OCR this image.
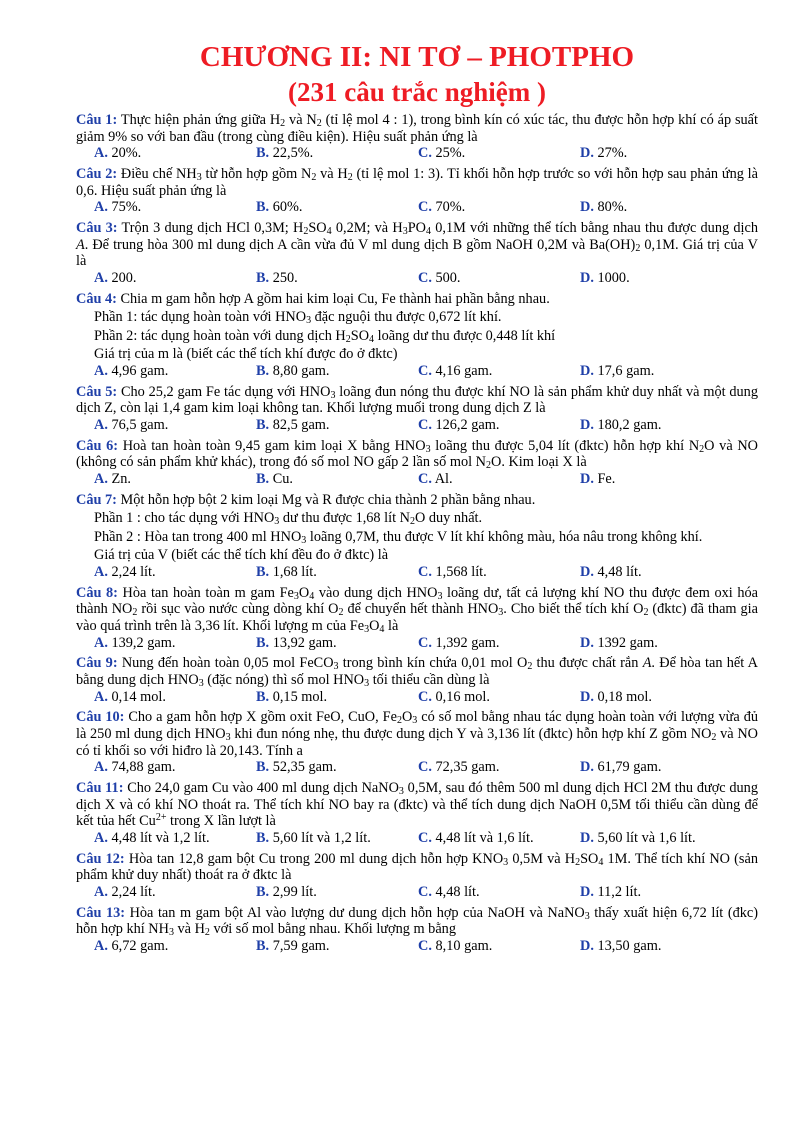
CHƯƠNG II: NI TƠ – PHOTPHO
(231 câu trắc nghiệm )
Câu 1: Thực hiện phản ứng giữa $H_2$ và $N_2$ (tỉ lệ mol 4 : 1), trong bình kín có xúc tác, thu được hỗn hợp khí có áp suất giảm 9% so với ban đầu (trong cùng điều kiện). Hiệu suất phản ứng là
A. 20%.	B. 22,5%.	C. 25%.	D. 27%.
Câu 2: Điều chế $NH_3$ từ hỗn hợp gồm $N_2$ và $H_2$ (tỉ lệ mol 1: 3). Tỉ khối hỗn hợp trước so với hỗn hợp sau phản ứng là 0,6. Hiệu suất phản ứng là
A. 75%.	B. 60%.	C. 70%.	D. 80%.
Câu 3: Trộn 3 dung dịch HCl 0,3M; $H_2SO_4$ 0,2M; và $H_3PO_4$ 0,1M với những thể tích bằng nhau thu được dung dịch A. Để trung hòa 300 ml dung dịch A cần vừa đủ V ml dung dịch B gồm NaOH 0,2M và $Ba(OH)_2$ 0,1M. Giá trị của V là
A. 200.	B. 250.	C. 500.	D. 1000.
Câu 4: Chia m gam hỗn hợp A gồm hai kim loại Cu, Fe thành hai phần bằng nhau.
Phần 1: tác dụng hoàn toàn với $HNO_3$ đặc nguội thu được 0,672 lít khí.
Phần 2: tác dụng hoàn toàn với dung dịch $H_2SO_4$ loãng dư thu được 0,448 lít khí
Giá trị của m là (biết các thể tích khí được đo ở đktc)
A. 4,96 gam.	B. 8,80 gam.	C. 4,16 gam.	D. 17,6 gam.
Câu 5: Cho 25,2 gam Fe tác dụng với $HNO_3$ loãng đun nóng thu được khí NO là sản phẩm khử duy nhất và một dung dịch Z, còn lại 1,4 gam kim loại không tan. Khối lượng muối trong dung dịch Z là
A. 76,5 gam.	B. 82,5 gam.	C. 126,2 gam.	D. 180,2 gam.
Câu 6: Hoà tan hoàn toàn 9,45 gam kim loại X bằng $HNO_3$ loãng thu được 5,04 lít (đktc) hỗn hợp khí $N_2O$ và NO (không có sản phẩm khử khác), trong đó số mol NO gấp 2 lần số mol $N_2O$. Kim loại X là
A. Zn.	B. Cu.	C. Al.	D. Fe.
Câu 7: Một hỗn hợp bột 2 kim loại Mg và R được chia thành 2 phần bằng nhau.
Phần 1 : cho tác dụng với $HNO_3$ dư thu được 1,68 lít $N_2O$ duy nhất.
Phần 2 : Hòa tan trong 400 ml $HNO_3$ loãng 0,7M, thu được V lít khí không màu, hóa nâu trong không khí.
Giá trị của V (biết các thể tích khí đều đo ở đktc) là
A. 2,24 lít.	B. 1,68 lít.	C. 1,568 lít.	D. 4,48 lít.
Câu 8: Hòa tan hoàn toàn m gam $Fe_3O_4$ vào dung dịch $HNO_3$ loãng dư, tất cả lượng khí NO thu được đem oxi hóa thành $NO_2$ rồi sục vào nước cùng dòng khí $O_2$ để chuyển hết thành $HNO_3$. Cho biết thể tích khí $O_2$ (đktc) đã tham gia vào quá trình trên là 3,36 lít. Khối lượng m của $Fe_3O_4$ là
A. 139,2 gam.	B. 13,92 gam.	C. 1,392 gam.	D. 1392 gam.
Câu 9: Nung đến hoàn toàn 0,05 mol FeCO$_3$ trong bình kín chứa 0,01 mol $O_2$ thu được chất rắn A. Để hòa tan hết A bằng dung dịch $HNO_3$ (đặc nóng) thì số mol $HNO_3$ tối thiểu cần dùng là
A. 0,14 mol.	B. 0,15 mol.	C. 0,16 mol.	D. 0,18 mol.
Câu 10: Cho a gam hỗn hợp X gồm oxit FeO, CuO, $Fe_2O_3$ có số mol bằng nhau tác dụng hoàn toàn với lượng vừa đủ là 250 ml dung dịch $HNO_3$ khi đun nóng nhẹ, thu được dung dịch Y và 3,136 lít (đktc) hỗn hợp khí Z gồm $NO_2$ và NO có tỉ khối so với hiđro là 20,143. Tính a
A. 74,88 gam.	B. 52,35 gam.	C. 72,35 gam.	D. 61,79 gam.
Câu 11: Cho 24,0 gam Cu vào 400 ml dung dịch NaNO$_3$ 0,5M, sau đó thêm 500 ml dung dịch HCl 2M thu được dung dịch X và có khí NO thoát ra. Thể tích khí NO bay ra (đktc) và thể tích dung dịch NaOH 0,5M tối thiểu cần dùng để kết tủa hết $Cu^{2+}$ trong X lần lượt là
A. 4,48 lít và 1,2 lít.	B. 5,60 lít và 1,2 lít.	C. 4,48 lít và 1,6 lít.	D. 5,60 lít và 1,6 lít.
Câu 12: Hòa tan 12,8 gam bột Cu trong 200 ml dung dịch hỗn hợp $KNO_3$ 0,5M và $H_2SO_4$ 1M. Thể tích khí NO (sản phẩm khử duy nhất) thoát ra ở đktc là
A. 2,24 lít.	B. 2,99 lít.	C. 4,48 lít.	D. 11,2 lít.
Câu 13: Hòa tan m gam bột Al vào lượng dư dung dịch hỗn hợp của NaOH và NaNO$_3$ thấy xuất hiện 6,72 lít (đkc) hỗn hợp khí $NH_3$ và $H_2$ với số mol bằng nhau. Khối lượng m bằng
A. 6,72 gam.	B. 7,59 gam.	C. 8,10 gam.	D. 13,50 gam.
